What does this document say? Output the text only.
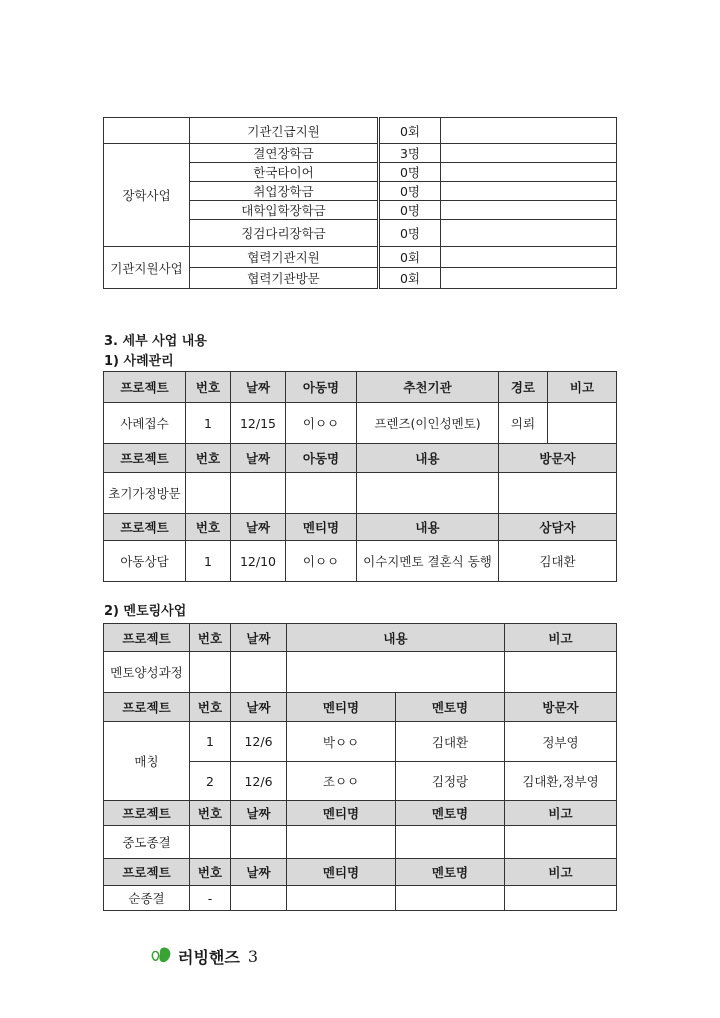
	기관긴급지원	0회	
장학사업	결연장학금	3명	
	한국타이어	0명	
	취업장학금	0명	
	대학입학장학금	0명	
	징검다리장학금	0명	
기관지원사업	협력기관지원	0회	
	협력기관방문	0회	
3. 세부 사업 내용
1) 사례관리
프로젝트	번호	날짜	아동명	추천기관	경로	비고
사례접수	1	12/15	이ㅇㅇ	프렌즈(이인성멘토)	의뢰	
프로젝트	번호	날짜	아동명	내용	방문자	
초기가정방문						
프로젝트	번호	날짜	멘티명	내용	상담자	
아동상담	1	12/10	이ㅇㅇ	이수지멘토 결혼식 동행	김대환	
2) 멘토링사업
프로젝트	번호	날짜	내용		비고
멘토양성과정					
프로젝트	번호	날짜	멘티명	멘토명	방문자
매칭	1	12/6	박ㅇㅇ	김대환	정부영
	2	12/6	조ㅇㅇ	김정랑	김대환,정부영
프로젝트	번호	날짜	멘티명	멘토명	비고
중도종결					
프로젝트	번호	날짜	멘티명	멘토명	비고
순종결	-				
러빙핸즈 3
